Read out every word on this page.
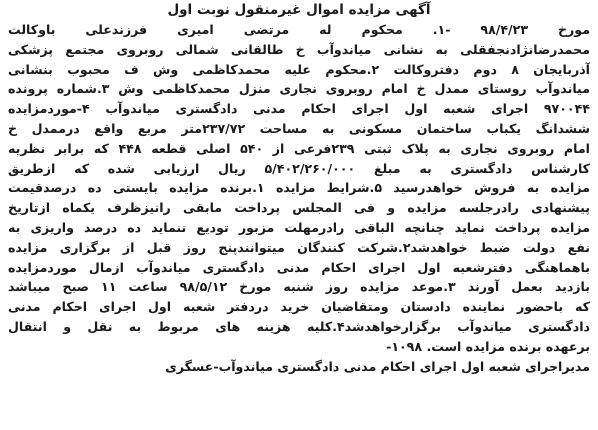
آگهی مزایده اموال غیرمنقول نوبت اول
مورخ ۹۸/۴/۲۳ -۱. محکوم له مرتضی امیری فرزندعلی باوکالت
محمدرضانژادنجفقلی به نشانی میاندوآب خ طالقانی شمالی روبروی مجتمع پزشکی
آذربایجان ۸ دوم دفتروکالت ۲.محکوم علیه محمدکاظمی وش ف محبوب بنشانی
میاندوآب روستای ممدل خ امام روبروی نجاری منزل محمدکاظمی وش ۳.شماره پرونده
۹۷۰۰۴۴ اجرای شعبه اول اجرای احکام مدنی دادگستری میاندوآب ۴-موردمزایده
ششدانگ یکباب ساختمان مسکونی به مساحت ۲۳۷/۷۲متر مربع واقع درممدل خ
امام روبروی نجاری به پلاک ثبتی ۲۳۹فرعی از ۵۴۰ اصلی قطعه ۴۴۸ که برابر نظریه
کارشناس دادگستری به مبلغ ۵/۴۰۲/۲۶۰/۰۰۰ ریال ارزیابی شده که ازطریق
مزایده به فروش خواهدرسید ۵.شرایط مزایده ۱.برنده مزایده بایستی ده درصدقیمت
پیشنهادی رادرجلسه مزایده و فی المجلس پرداخت مابقی رانیزظرف یکماه ازتاریخ
مزایده پرداخت نماید چنانچه الباقی رادرمهلت مزبور تودیع ننماید ده درصد واریزی به
نفع دولت ضبط خواهدشد۲.شرکت کنندگان میتوانندپنج روز قبل از برگزاری مزایده
باهماهنگی دفترشعبه اول اجرای احکام مدنی دادگستری میاندوآب ازمال موردمزایده
بازدید بعمل آورند ۳.موعد مزایده روز شنبه مورخ ۹۸/۵/۱۲ ساعت ۱۱ صبح میباشد
که باحضور نماینده دادستان ومتقاضیان خرید دردفتر شعبه اول اجرای احکام مدنی
دادگستری میاندوآب برگزارخواهدشد۴.کلیه هزینه های مربوط به نقل و انتقال
برعهده برنده مزایده است. ۱۰۹۸-
مدیراجرای شعبه اول اجرای احکام مدنی دادگستری میاندوآب-عسگری
